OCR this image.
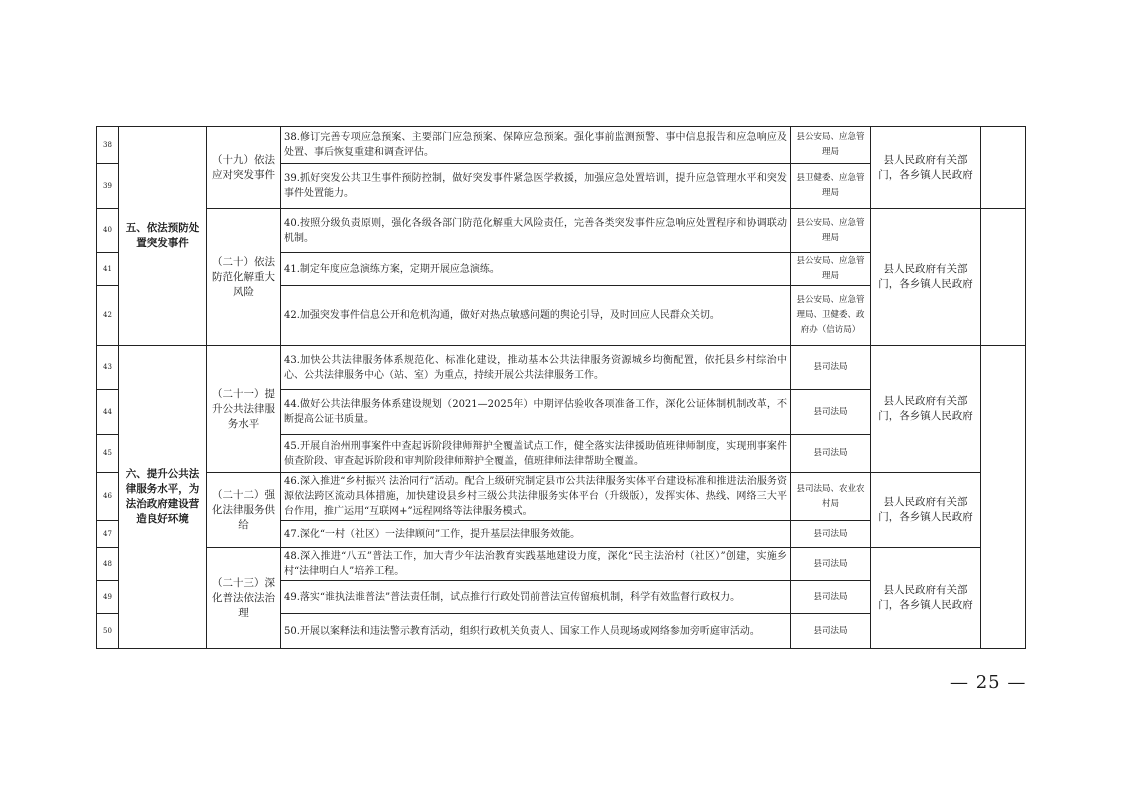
38	五、依法预防处置突发事件	（十九）依法应对突发事件	38.修订完善专项应急预案、主要部门应急预案、保障应急预案。强化事前监测预警、事中信息报告和应急响应及处置、事后恢复重建和调查评估。	县公安局、应急管理局	县人民政府有关部门，各乡镇人民政府	
39			39.抓好突发公共卫生事件预防控制，做好突发事件紧急医学救援，加强应急处置培训，提升应急管理水平和突发事件处置能力。	县卫健委、应急管理局		
40		（二十）依法防范化解重大风险	40.按照分级负责原则，强化各级各部门防范化解重大风险责任，完善各类突发事件应急响应处置程序和协调联动机制。	县公安局、应急管理局	县人民政府有关部门，各乡镇人民政府	
41			41.制定年度应急演练方案，定期开展应急演练。	县公安局、应急管理局		
42			42.加强突发事件信息公开和危机沟通，做好对热点敏感问题的舆论引导，及时回应人民群众关切。	县公安局、应急管理局、卫健委、政府办（信访局）		
43	六、提升公共法律服务水平，为法治政府建设营造良好环境	（二十一）提升公共法律服务水平	43.加快公共法律服务体系规范化、标准化建设，推动基本公共法律服务资源城乡均衡配置，依托县乡村综治中心、公共法律服务中心（站、室）为重点，持续开展公共法律服务工作。	县司法局	县人民政府有关部门，各乡镇人民政府	
44			44.做好公共法律服务体系建设规划（2021—2025年）中期评估验收各项准备工作，深化公证体制机制改革，不断提高公证书质量。	县司法局		
45			45.开展自治州刑事案件中查起诉阶段律师辩护全覆盖试点工作，健全落实法律援助值班律师制度，实现刑事案件侦查阶段、审查起诉阶段和审判阶段律师辩护全覆盖，值班律师法律帮助全覆盖。	县司法局		
46		（二十二）强化法律服务供给	46.深入推进“乡村振兴 法治同行”活动。配合上级研究制定县市公共法律服务实体平台建设标准和推进法治服务资源依法跨区流动具体措施，加快建设县乡村三级公共法律服务实体平台（升级版），发挥实体、热线、网络三大平台作用，推广运用“互联网+”远程网络等法律服务模式。	县司法局、农业农村局	县人民政府有关部门，各乡镇人民政府	
47			47.深化“一村（社区）一法律顾问”工作，提升基层法律服务效能。	县司法局		
48		（二十三）深化普法依法治理	48.深入推进“八五”普法工作，加大青少年法治教育实践基地建设力度，深化“民主法治村（社区）”创建，实施乡村“法律明白人”培养工程。	县司法局	县人民政府有关部门，各乡镇人民政府	
49			49.落实“谁执法谁普法”普法责任制，试点推行行政处罚前普法宣传留痕机制，科学有效监督行政权力。	县司法局		
50			50.开展以案释法和违法警示教育活动，组织行政机关负责人、国家工作人员现场或网络参加旁听庭审活动。	县司法局		
— 25 —
